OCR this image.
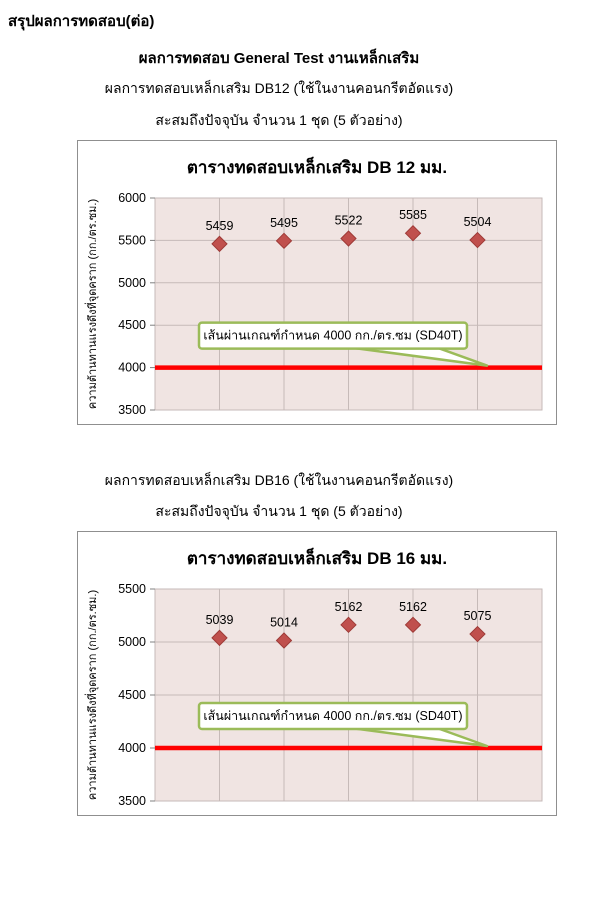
สรุปผลการทดสอบ(ต่อ)
ผลการทดสอบ General Test งานเหล็กเสริม
ผลการทดสอบเหล็กเสริม DB12 (ใช้ในงานคอนกรีตอัดแรง)
สะสมถึงปัจจุบัน จำนวน 1 ชุด (5 ตัวอย่าง)
6000
5500
5000
4500
4000
3500
เส้นผ่านเกณฑ์กำหนด 4000 กก./ตร.ซม (SD40T)
5459	5495	5522	5585	5504
ตารางทดสอบเหล็กเสริม DB 12 มม.
ความต้านทานแรงดึงที่จุดคราก (กก./ตร.ซม.)
ผลการทดสอบเหล็กเสริม DB16 (ใช้ในงานคอนกรีตอัดแรง)
สะสมถึงปัจจุบัน จำนวน 1 ชุด (5 ตัวอย่าง)
5500
5000
4500
4000
3500
เส้นผ่านเกณฑ์กำหนด 4000 กก./ตร.ซม (SD40T)
5039	5014
5162	5162
5075
ตารางทดสอบเหล็กเสริม DB 16 มม.
ความต้านทานแรงดึงที่จุดคราก (กก./ตร.ซม.)
